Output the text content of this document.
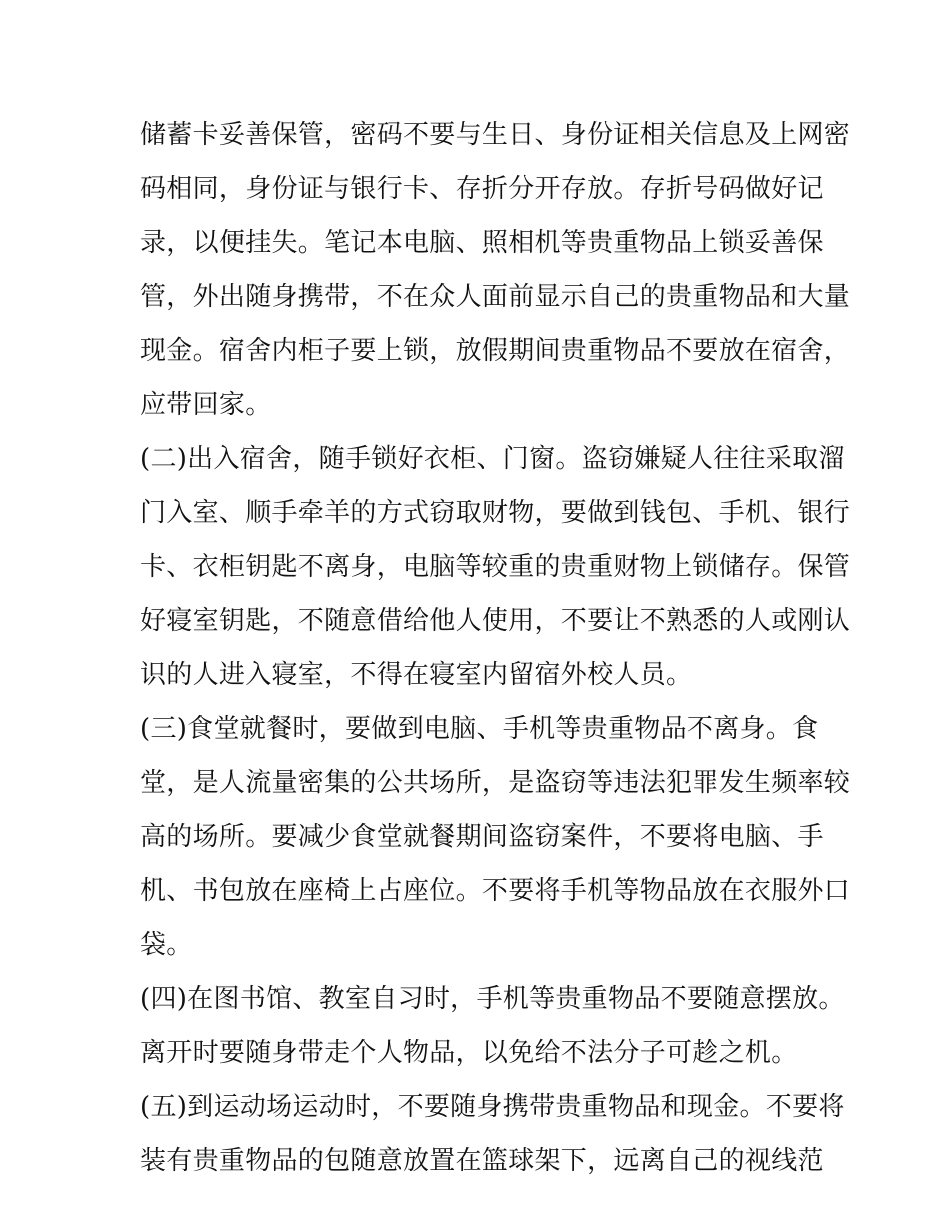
储蓄卡妥善保管，密码不要与生日、身份证相关信息及上网密
码相同，身份证与银行卡、存折分开存放。存折号码做好记
录，以便挂失。笔记本电脑、照相机等贵重物品上锁妥善保
管，外出随身携带，不在众人面前显示自己的贵重物品和大量
现金。宿舍内柜子要上锁，放假期间贵重物品不要放在宿舍，
应带回家。
(二)出入宿舍，随手锁好衣柜、门窗。盗窃嫌疑人往往采取溜
门入室、顺手牵羊的方式窃取财物，要做到钱包、手机、银行
卡、衣柜钥匙不离身，电脑等较重的贵重财物上锁储存。保管
好寝室钥匙，不随意借给他人使用，不要让不熟悉的人或刚认
识的人进入寝室，不得在寝室内留宿外校人员。
(三)食堂就餐时，要做到电脑、手机等贵重物品不离身。食
堂，是人流量密集的公共场所，是盗窃等违法犯罪发生频率较
高的场所。要减少食堂就餐期间盗窃案件，不要将电脑、手
机、书包放在座椅上占座位。不要将手机等物品放在衣服外口
袋。
(四)在图书馆、教室自习时，手机等贵重物品不要随意摆放。
离开时要随身带走个人物品，以免给不法分子可趁之机。
(五)到运动场运动时，不要随身携带贵重物品和现金。不要将
装有贵重物品的包随意放置在篮球架下，远离自己的视线范
